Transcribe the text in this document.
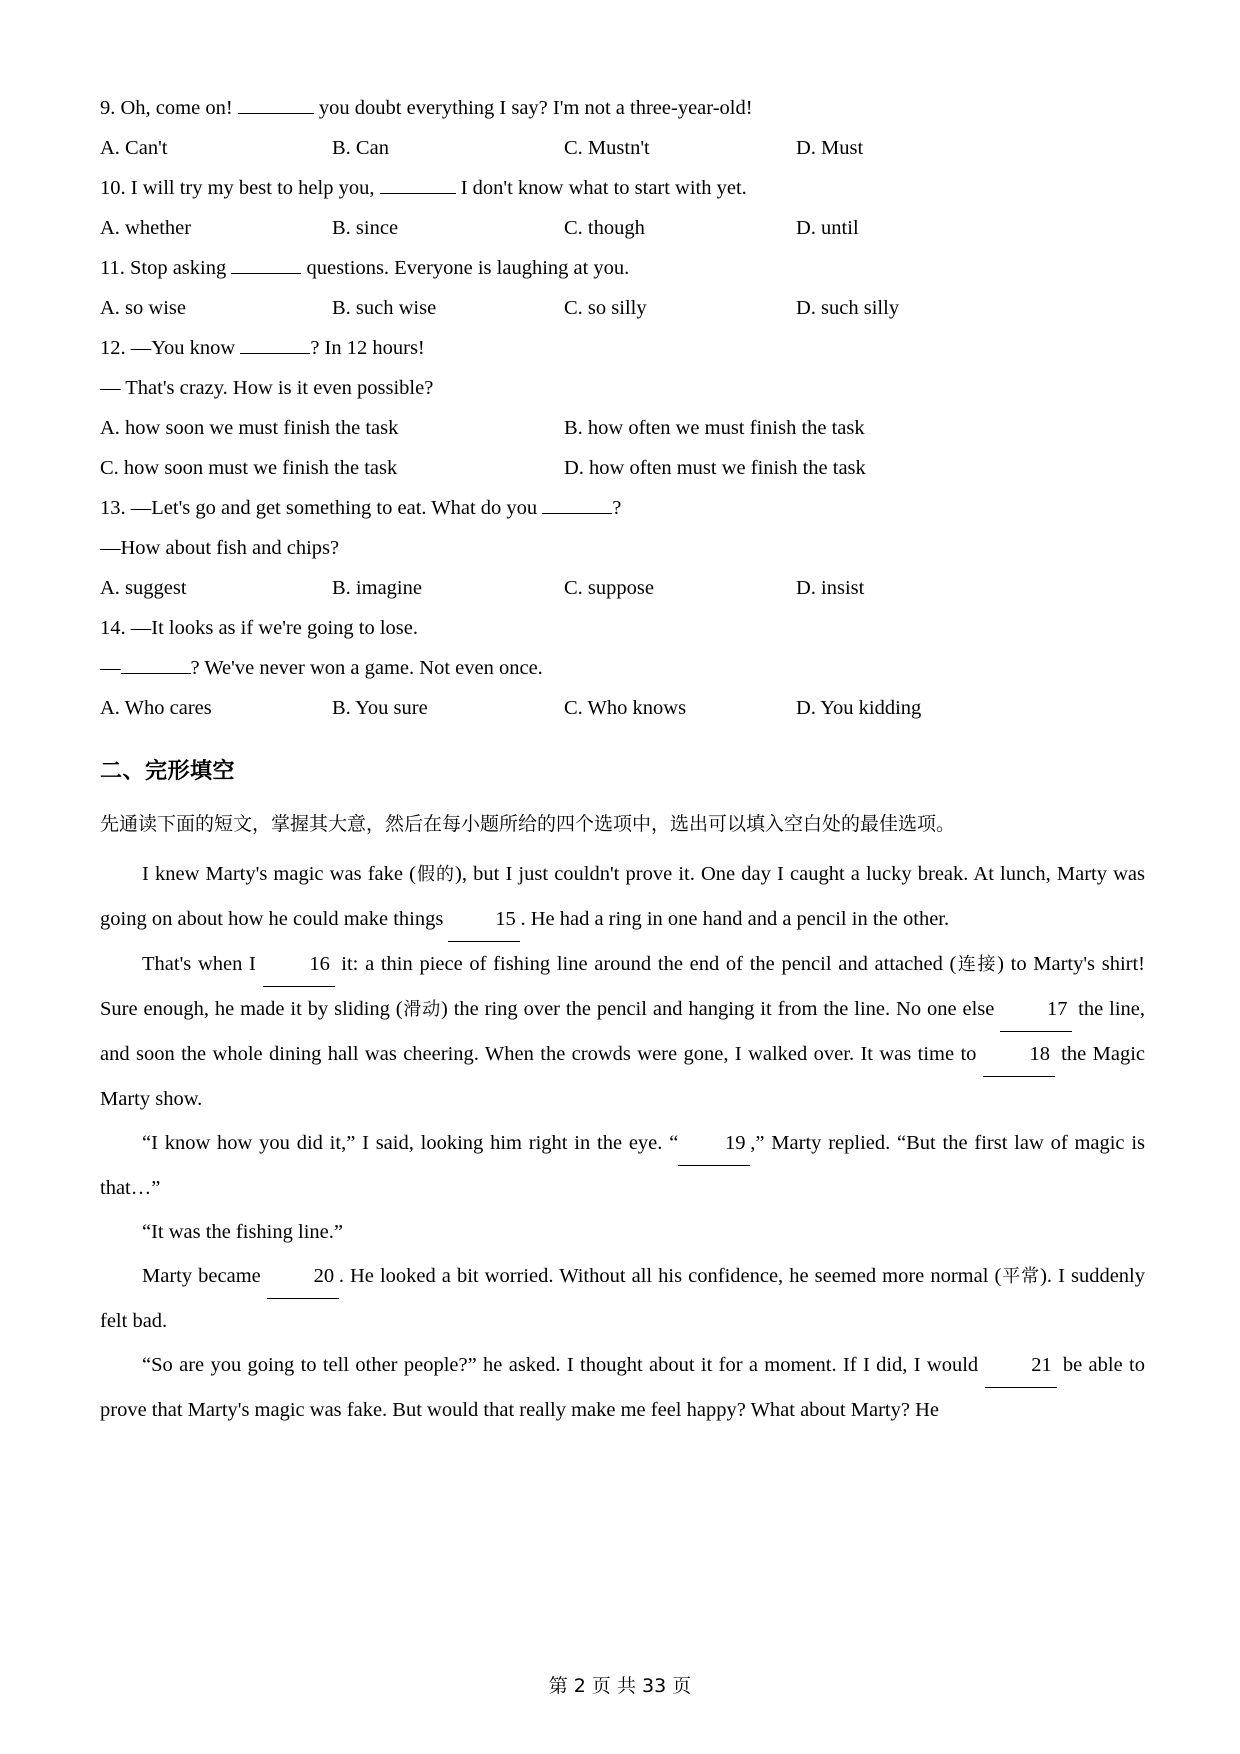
9. Oh, come on!	you doubt everything I say? I'm not a three-year-old!
A. Can't	B. Can	C. Mustn't	D. Must
10. I will try my best to help you,	I don't know what to start with yet.
A. whether	B. since	C. though	D. until
11. Stop asking	questions. Everyone is laughing at you.
A. so wise	B. such wise	C. so silly	D. such silly
12. —You know	? In 12 hours!
— That's crazy. How is it even possible?
A. how soon we must finish the task	B. how often we must finish the task
C. how soon must we finish the task	D. how often must we finish the task
13. —Let's go and get something to eat. What do you	?
—How about fish and chips?
A. suggest	B. imagine	C. suppose	D. insist
14. —It looks as if we're going to lose.
—	? We've never won a game. Not even once.
A. Who cares	B. You sure	C. Who knows	D. You kidding
二、完形填空
先通读下面的短文，掌握其大意，然后在每小题所给的四个选项中，选出可以填入空白处的最佳选项。

I knew Marty's magic was fake (假的), but I just couldn't prove it. One day I caught a lucky break. At lunch, Marty was going on about how he could make things 15 . He had a ring in one hand and a pencil in the other.

That's when I 16 it: a thin piece of fishing line around the end of the pencil and attached (连接) to Marty's shirt! Sure enough, he made it by sliding (滑动) the ring over the pencil and hanging it from the line. No one else 17 the line, and soon the whole dining hall was cheering. When the crowds were gone, I walked over. It was time to 18 the Magic Marty show.

“I know how you did it,” I said, looking him right in the eye. “ 19 ,” Marty replied. “But the first law of magic is that…”

“It was the fishing line.”

Marty became 20 . He looked a bit worried. Without all his confidence, he seemed more normal (平常). I suddenly felt bad.

“So are you going to tell other people?” he asked. I thought about it for a moment. If I did, I would 21 be able to prove that Marty's magic was fake. But would that really make me feel happy? What about Marty? He

第 2 页 共 33 页
